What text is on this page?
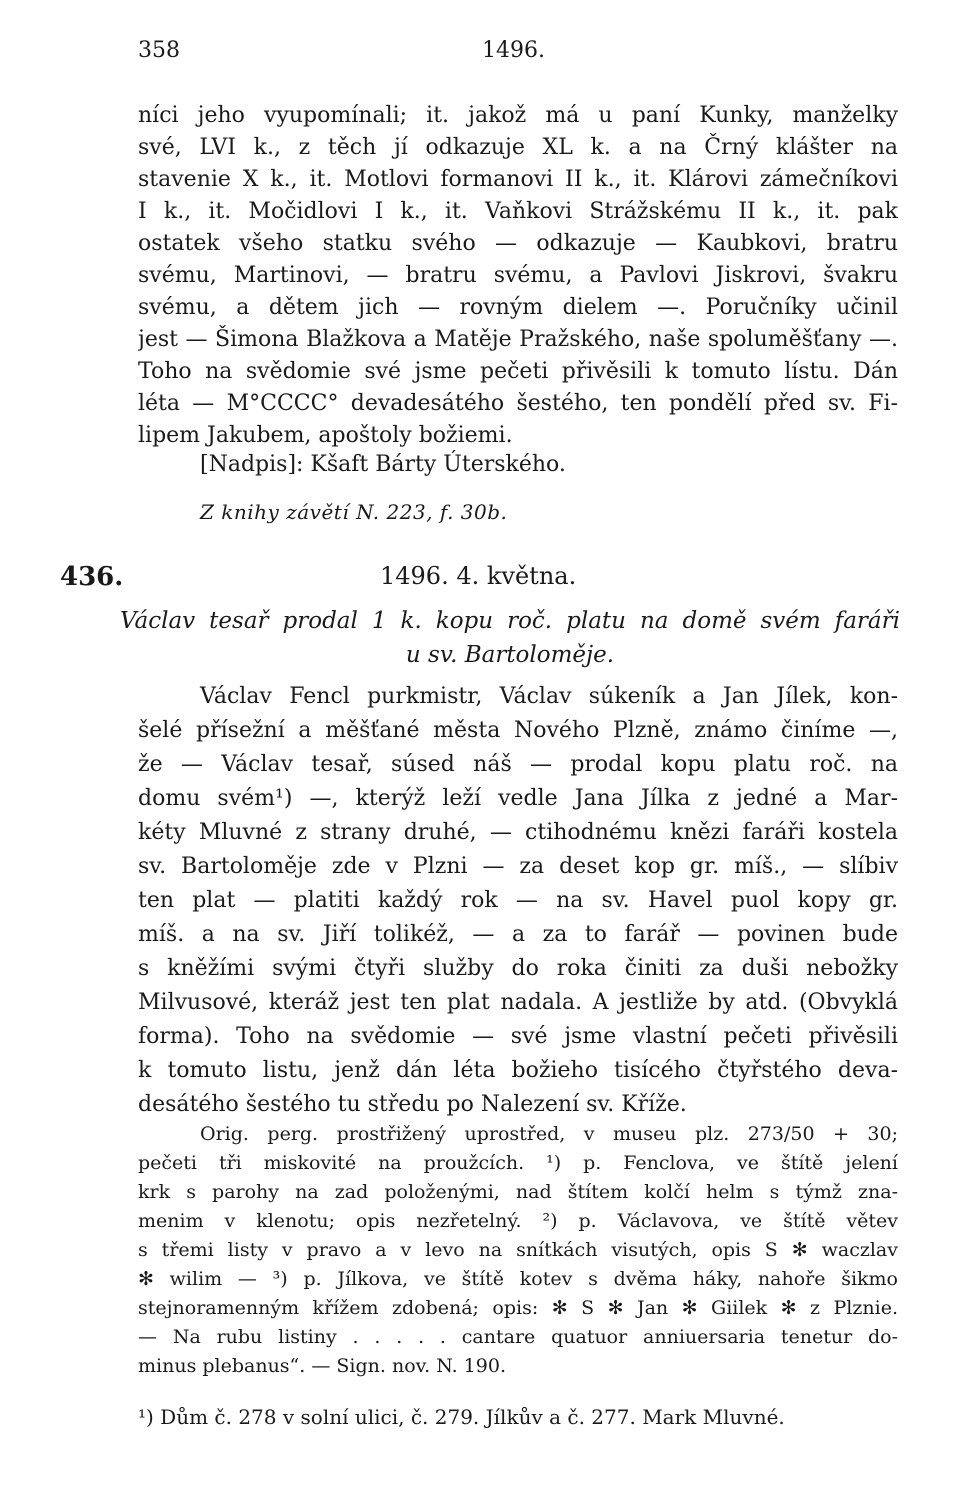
358	1496.
níci jeho vyupomínali; it. jakož má u paní Kunky, manželky
své, LVI k., z těch jí odkazuje XL k. a na Črný klášter na
stavenie X k., it. Motlovi formanovi II k., it. Klárovi zámečníkovi
I k., it. Močidlovi I k., it. Vaňkovi Strážskému II k., it. pak
ostatek všeho statku svého — odkazuje — Kaubkovi, bratru
svému, Martinovi, — bratru svému, a Pavlovi Jiskrovi, švakru
svému, a dětem jich — rovným dielem —. Poručníky učinil
jest — Šimona Blažkova a Matěje Pražského, naše spoluměšťany —.
Toho na svědomie své jsme pečeti přivěsili k tomuto lístu. Dán
léta — M°CCCC° devadesátého šestého, ten pondělí před sv. Fi-
lipem Jakubem, apoštoly božiemi.
[Nadpis]: Kšaft Bárty Úterského.
Z knihy závětí N. 223, f. 30b.
436.	1496. 4. května.
Václav tesař prodal 1 k. kopu roč. platu na domě svém faráři
u sv. Bartoloměje.
Václav Fencl purkmistr, Václav súkeník a Jan Jílek, kon-
šelé přísežní a měšťané města Nového Plzně, známo činíme —,
že — Václav tesař, súsed náš — prodal kopu platu roč. na
domu svém¹) —, kterýž leží vedle Jana Jílka z jedné a Mar-
kéty Mluvné z strany druhé, — ctihodnému knězi faráři kostela
sv. Bartoloměje zde v Plzni — za deset kop gr. míš., — slíbiv
ten plat — platiti každý rok — na sv. Havel puol kopy gr.
míš. a na sv. Jiří tolikéž, — a za to farář — povinen bude
s kněžími svými čtyři služby do roka činiti za duši nebožky
Milvusové, kteráž jest ten plat nadala. A jestliže by atd. (Obvyklá
forma). Toho na svědomie — své jsme vlastní pečeti přivěsili
k tomuto listu, jenž dán léta božieho tisícého čtyřstého deva-
desátého šestého tu středu po Nalezení sv. Kříže.
Orig. perg. prostřižený uprostřed, v museu plz. 273/50 + 30;
pečeti tři miskovité na proužcích. ¹) p. Fenclova, ve štítě jelení
krk s parohy na zad položenými, nad štítem kolčí helm s týmž zna-
menim v klenotu; opis nezřetelný. ²) p. Václavova, ve štítě větev
s třemi listy v pravo a v levo na snítkách visutých, opis S ✻ waczlav
✻ wilim — ³) p. Jílkova, ve štítě kotev s dvěma háky, nahoře šikmo
stejnoramenným křížem zdobená; opis: ✻ S ✻ Jan ✻ Giilek ✻ z Plznie.
— Na rubu listiny . . . . . cantare quatuor anniuersaria tenetur do-
minus plebanus“. — Sign. nov. N. 190.
¹) Dům č. 278 v solní ulici, č. 279. Jílkův a č. 277. Mark Mluvné.
